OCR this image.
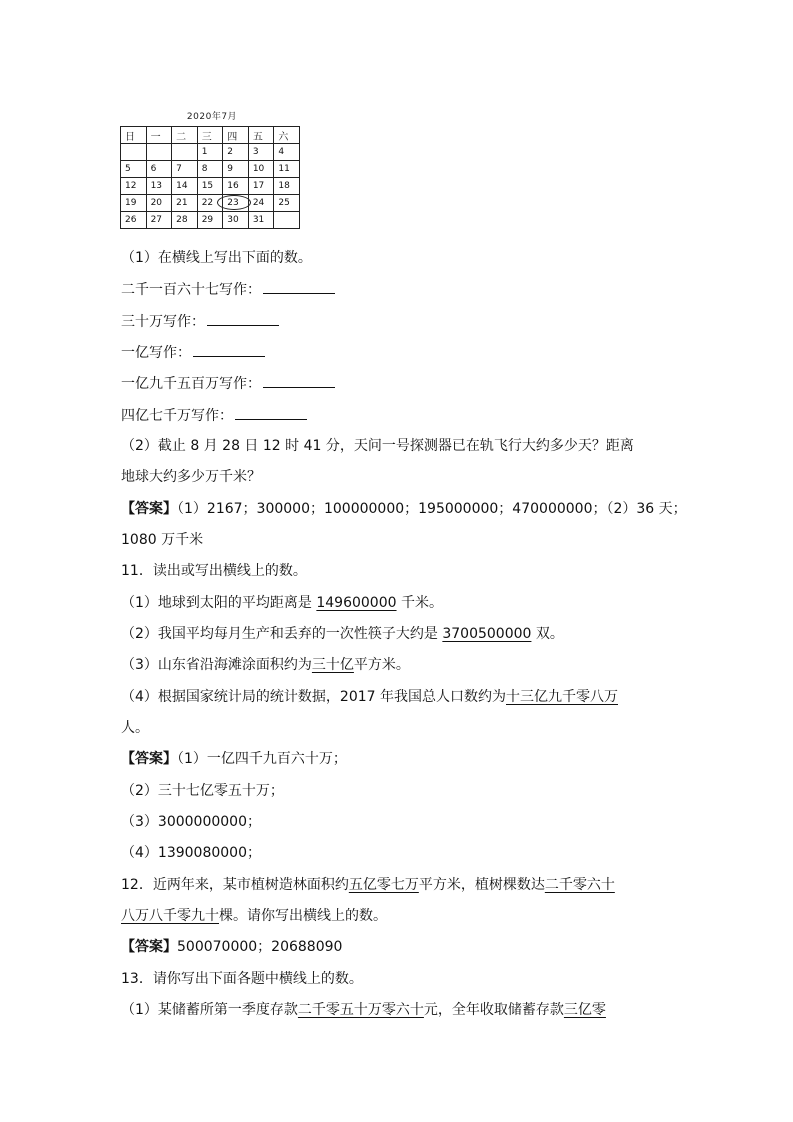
2020年7月
日	一	二	三	四	五	六
			1	2	3	4
5	6	7	8	9	10	11
12	13	14	15	16	17	18
19	20	21	22	23	24	25
26	27	28	29	30	31	
（1）在横线上写出下面的数。
二千一百六十七写作：
三十万写作：
一亿写作：
一亿九千五百万写作：
四亿七千万写作：
（2）截止 8 月 28 日 12 时 41 分，天问一号探测器已在轨飞行大约多少天？距离
地球大约多少万千米？
【答案】（1）2167；300000；100000000；195000000；470000000；（2）36 天；
1080 万千米
11．读出或写出横线上的数。
（1）地球到太阳的平均距离是 149600000 千米。
（2）我国平均每月生产和丢弃的一次性筷子大约是 3700500000 双。
（3）山东省沿海滩涂面积约为三十亿平方米。
（4）根据国家统计局的统计数据，2017 年我国总人口数约为十三亿九千零八万
人。
【答案】（1）一亿四千九百六十万；
（2）三十七亿零五十万；
（3）3000000000；
（4）1390080000；
12．近两年来，某市植树造林面积约五亿零七万平方米，植树棵数达二千零六十
八万八千零九十棵。请你写出横线上的数。
【答案】500070000；20688090
13．请你写出下面各题中横线上的数。
（1）某储蓄所第一季度存款二千零五十万零六十元，全年收取储蓄存款三亿零
